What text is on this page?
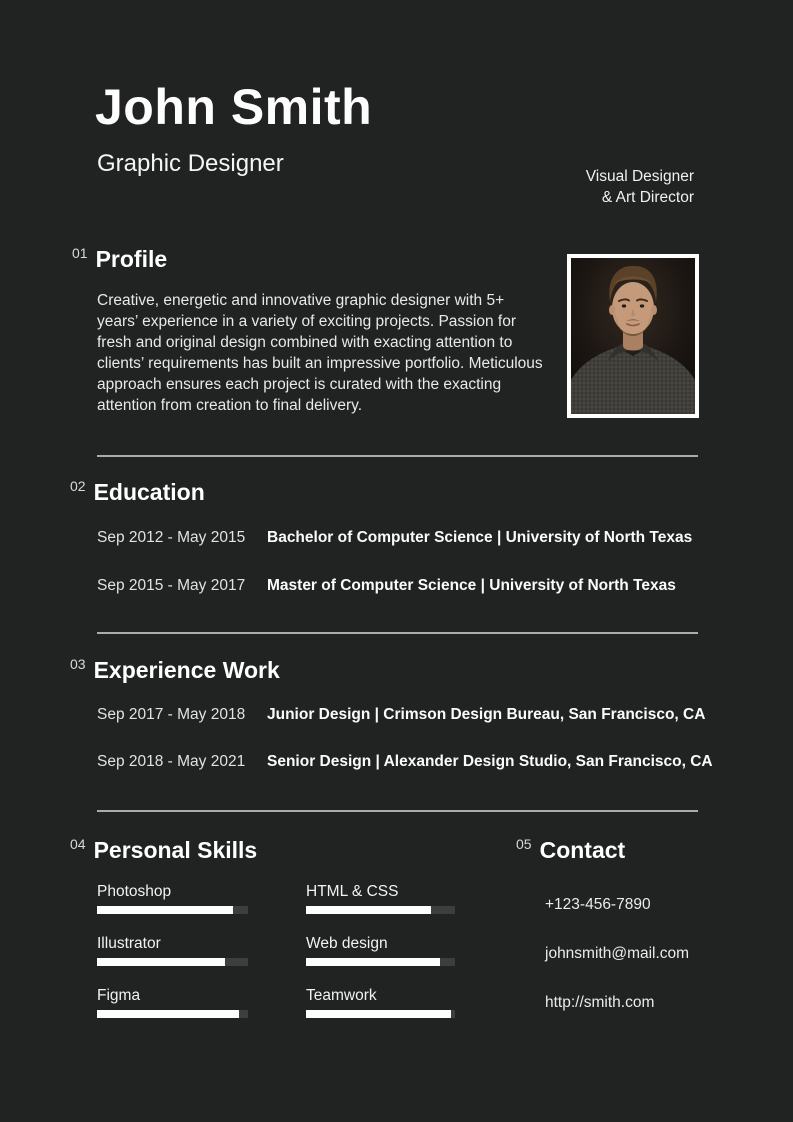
John Smith
Graphic Designer	Visual Designer
& Art Director
01 Profile
Creative, energetic and innovative graphic designer with 5+ years’ experience in a variety of exciting projects. Passion for fresh and original design combined with exacting attention to clients’ requirements has built an impressive portfolio. Meticulous approach ensures each project is curated with the exacting attention from creation to final delivery.
02 Education
Sep 2012 - May 2015	Bachelor of Computer Science | University of North Texas
Sep 2015 - May 2017	Master of Computer Science | University of North Texas
03 Experience Work
Sep 2017 - May 2018	Junior Design | Crimson Design Bureau, San Francisco, CA
Sep 2018 - May 2021	Senior Design | Alexander Design Studio, San Francisco, CA
04 Personal Skills
Photoshop
Illustrator
Figma
HTML & CSS
Web design
Teamwork
05 Contact
+123-456-7890
johnsmith@mail.com
http://smith.com
